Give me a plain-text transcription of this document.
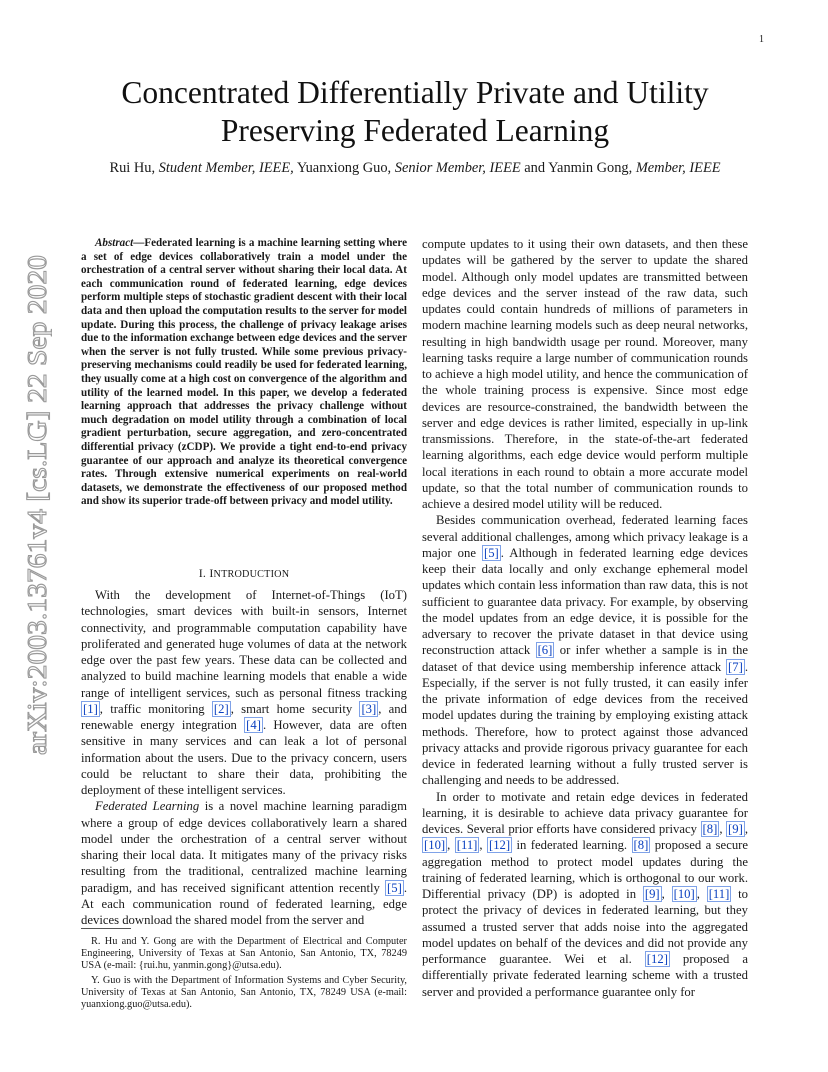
1
arXiv:2003.13761v4 [cs.LG] 22 Sep 2020
Concentrated Differentially Private and Utility
Preserving Federated Learning
Rui Hu, Student Member, IEEE, Yuanxiong Guo, Senior Member, IEEE and Yanmin Gong, Member, IEEE

Abstract—Federated learning is a machine learning setting where a set of edge devices collaboratively train a model under the orchestration of a central server without sharing their local data. At each communication round of federated learning, edge devices perform multiple steps of stochastic gradient descent with their local data and then upload the computation results to the server for model update. During this process, the challenge of privacy leakage arises due to the information exchange between edge devices and the server when the server is not fully trusted. While some previous privacy-preserving mechanisms could readily be used for federated learning, they usually come at a high cost on convergence of the algorithm and utility of the learned model. In this paper, we develop a federated learning approach that addresses the privacy challenge without much degradation on model utility through a combination of local gradient perturbation, secure aggregation, and zero-concentrated differential privacy (zCDP). We provide a tight end-to-end privacy guarantee of our approach and analyze its theoretical convergence rates. Through extensive numerical experiments on real-world datasets, we demonstrate the effectiveness of our proposed method and show its superior trade-off between privacy and model utility.

I. INTRODUCTION

With the development of Internet-of-Things (IoT) technologies, smart devices with built-in sensors, Internet connectivity, and programmable computation capability have proliferated and generated huge volumes of data at the network edge over the past few years. These data can be collected and analyzed to build machine learning models that enable a wide range of intelligent services, such as personal fitness tracking [1] , traffic monitoring [2] , smart home security [3] , and renewable energy integration [4] . However, data are often sensitive in many services and can leak a lot of personal information about the users. Due to the privacy concern, users could be reluctant to share their data, prohibiting the deployment of these intelligent services.

Federated Learning is a novel machine learning paradigm where a group of edge devices collaboratively learn a shared model under the orchestration of a central server without sharing their local data. It mitigates many of the privacy risks resulting from the traditional, centralized machine learning paradigm, and has received significant attention recently [5] . At each communication round of federated learning, edge devices download the shared model from the server and

R. Hu and Y. Gong are with the Department of Electrical and Computer Engineering, University of Texas at San Antonio, San Antonio, TX, 78249 USA (e-mail: {rui.hu, yanmin.gong}@utsa.edu).

Y. Guo is with the Department of Information Systems and Cyber Security, University of Texas at San Antonio, San Antonio, TX, 78249 USA (e-mail: yuanxiong.guo@utsa.edu).

compute updates to it using their own datasets, and then these updates will be gathered by the server to update the shared model. Although only model updates are transmitted between edge devices and the server instead of the raw data, such updates could contain hundreds of millions of parameters in modern machine learning models such as deep neural networks, resulting in high bandwidth usage per round. Moreover, many learning tasks require a large number of communication rounds to achieve a high model utility, and hence the communication of the whole training process is expensive. Since most edge devices are resource-constrained, the bandwidth between the server and edge devices is rather limited, especially in up-link transmissions. Therefore, in the state-of-the-art federated learning algorithms, each edge device would perform multiple local iterations in each round to obtain a more accurate model update, so that the total number of communication rounds to achieve a desired model utility will be reduced.

Besides communication overhead, federated learning faces several additional challenges, among which privacy leakage is a major one [5] . Although in federated learning edge devices keep their data locally and only exchange ephemeral model updates which contain less information than raw data, this is not sufficient to guarantee data privacy. For example, by observing the model updates from an edge device, it is possible for the adversary to recover the private dataset in that device using reconstruction attack [6] or infer whether a sample is in the dataset of that device using membership inference attack [7] . Especially, if the server is not fully trusted, it can easily infer the private information of edge devices from the received model updates during the training by employing existing attack methods. Therefore, how to protect against those advanced privacy attacks and provide rigorous privacy guarantee for each device in federated learning without a fully trusted server is challenging and needs to be addressed.

In order to motivate and retain edge devices in federated learning, it is desirable to achieve data privacy guarantee for devices. Several prior efforts have considered privacy [8] , [9] , [10] , [11] , [12] in federated learning. [8] proposed a secure aggregation method to protect model updates during the training of federated learning, which is orthogonal to our work. Differential privacy (DP) is adopted in [9] , [10] , [11] to protect the privacy of devices in federated learning, but they assumed a trusted server that adds noise into the aggregated model updates on behalf of the devices and did not provide any performance guarantee. Wei et al. [12] proposed a differentially private federated learning scheme with a trusted server and provided a performance guarantee only for
